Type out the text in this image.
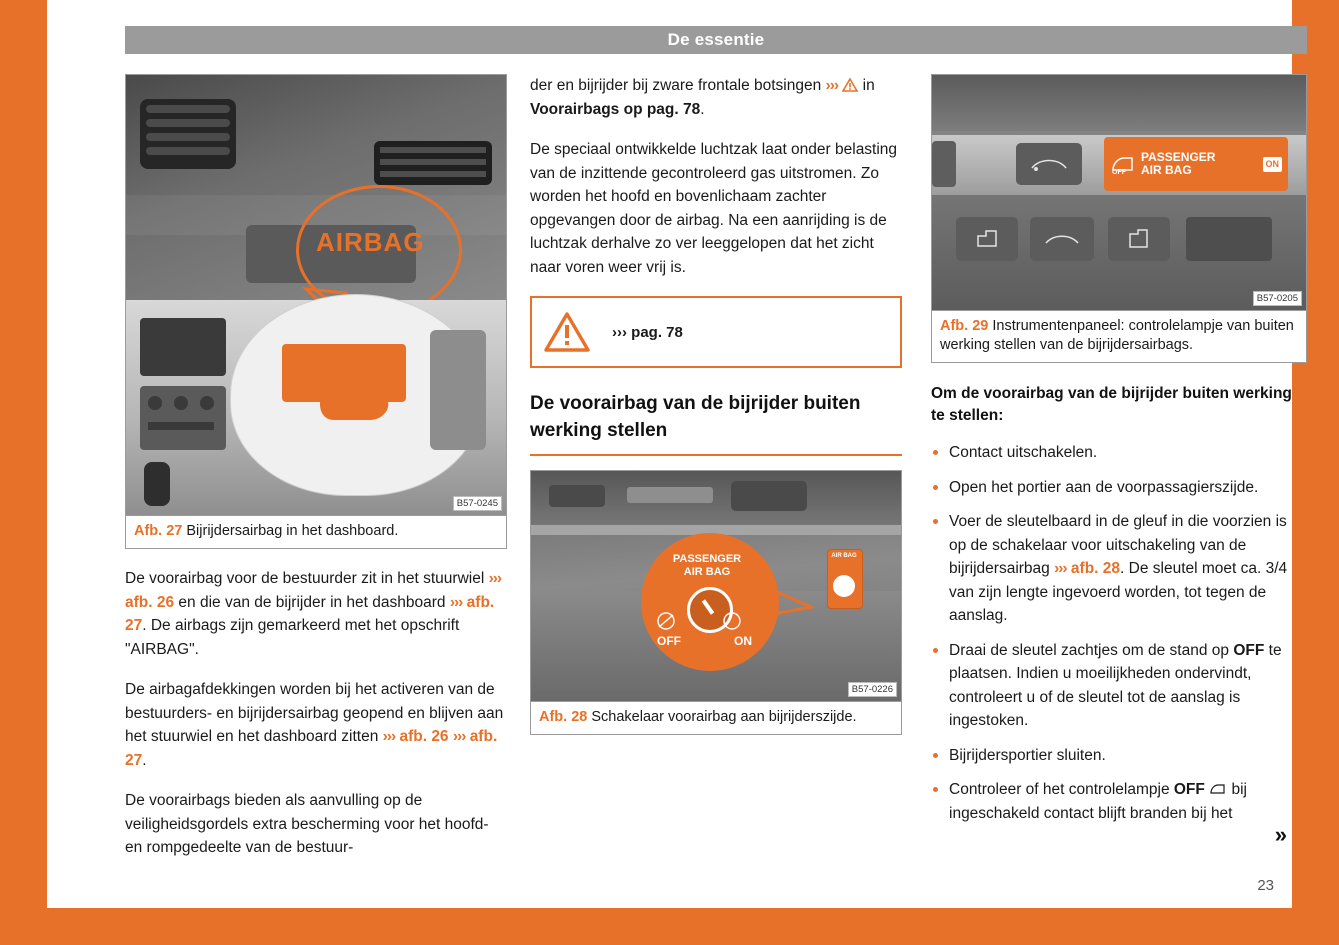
De essentie
AIRBAG
B57-0245
Afb. 27 Bijrijdersairbag in het dashboard.

De voorairbag voor de bestuurder zit in het stuurwiel ››› afb. 26 en die van de bijrijder in het dashboard ››› afb. 27. De airbags zijn gemarkeerd met het opschrift "AIRBAG".

De airbagafdekkingen worden bij het activeren van de bestuurders- en bijrijdersairbag geopend en blijven aan het stuurwiel en het dashboard zitten ››› afb. 26 ››› afb. 27.

De voorairbags bieden als aanvulling op de veiligheidsgordels extra bescherming voor het hoofd- en rompgedeelte van de bestuur-

der en bijrijder bij zware frontale botsingen ›››  in Voorairbags op pag. 78.

De speciaal ontwikkelde luchtzak laat onder belasting van de inzittende gecontroleerd gas uitstromen. Zo worden het hoofd en bovenlichaam zachter opgevangen door de airbag. Na een aanrijding is de luchtzak derhalve zo ver leeggelopen dat het zicht naar voren weer vrij is.

››› pag. 78
De voorairbag van de bijrijder buiten werking stellen
PASSENGER
AIR BAG
OFF	ON
AIR BAG
B57-0226
Afb. 28 Schakelaar voorairbag aan bijrijderszijde.
OFF
PASSENGER
AIR BAG	ON
B57-0205
Afb. 29 Instrumentenpaneel: controlelampje van buiten werking stellen van de bijrijdersairbags.
Om de voorairbag van de bijrijder buiten werking te stellen:
Contact uitschakelen.
Open het portier aan de voorpassagierszijde.
Voer de sleutelbaard in de gleuf in die voorzien is op de schakelaar voor uitschakeling van de bijrijdersairbag ››› afb. 28. De sleutel moet ca. 3/4 van zijn lengte ingevoerd worden, tot tegen de aanslag.
Draai de sleutel zachtjes om de stand op OFF te plaatsen. Indien u moeilijkheden ondervindt, controleert u of de sleutel tot de aanslag is ingestoken.
Bijrijdersportier sluiten.
Controleer of het controlelampje OFF  bij ingeschakeld contact blijft branden bij het
»
23
